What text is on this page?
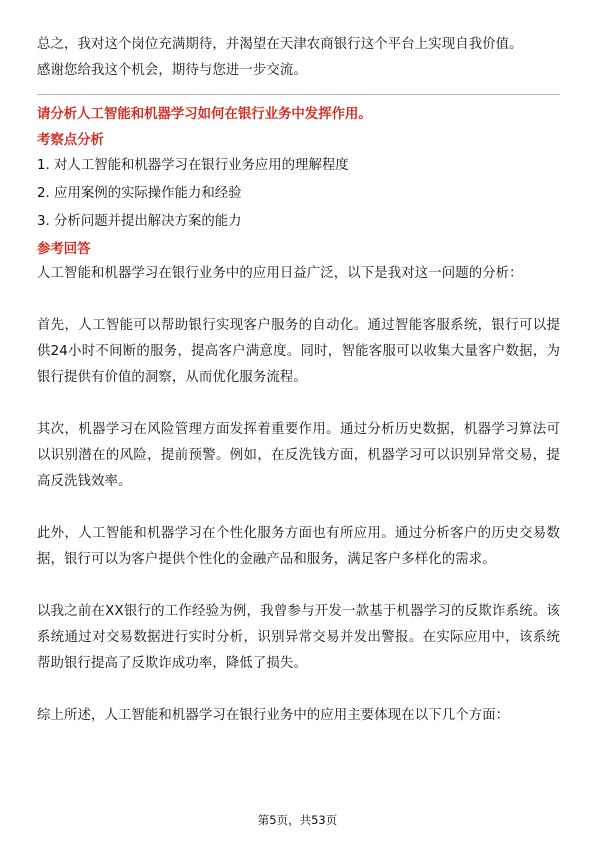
总之，我对这个岗位充满期待，并渴望在天津农商银行这个平台上实现自我价值。

感谢您给我这个机会，期待与您进一步交流。

请分析人工智能和机器学习如何在银行业务中发挥作用。

考察点分析

1. 对人工智能和机器学习在银行业务应用的理解程度

2. 应用案例的实际操作能力和经验

3. 分析问题并提出解决方案的能力

参考回答

人工智能和机器学习在银行业务中的应用日益广泛，以下是我对这一问题的分析：

首先，人工智能可以帮助银行实现客户服务的自动化。通过智能客服系统，银行可以提供24小时不间断的服务，提高客户满意度。同时，智能客服可以收集大量客户数据，为银行提供有价值的洞察，从而优化服务流程。

其次，机器学习在风险管理方面发挥着重要作用。通过分析历史数据，机器学习算法可以识别潜在的风险，提前预警。例如，在反洗钱方面，机器学习可以识别异常交易，提高反洗钱效率。

此外，人工智能和机器学习在个性化服务方面也有所应用。通过分析客户的历史交易数据，银行可以为客户提供个性化的金融产品和服务，满足客户多样化的需求。

以我之前在XX银行的工作经验为例，我曾参与开发一款基于机器学习的反欺诈系统。该系统通过对交易数据进行实时分析，识别异常交易并发出警报。在实际应用中，该系统帮助银行提高了反欺诈成功率，降低了损失。

综上所述，人工智能和机器学习在银行业务中的应用主要体现在以下几个方面：

第5页，共53页
